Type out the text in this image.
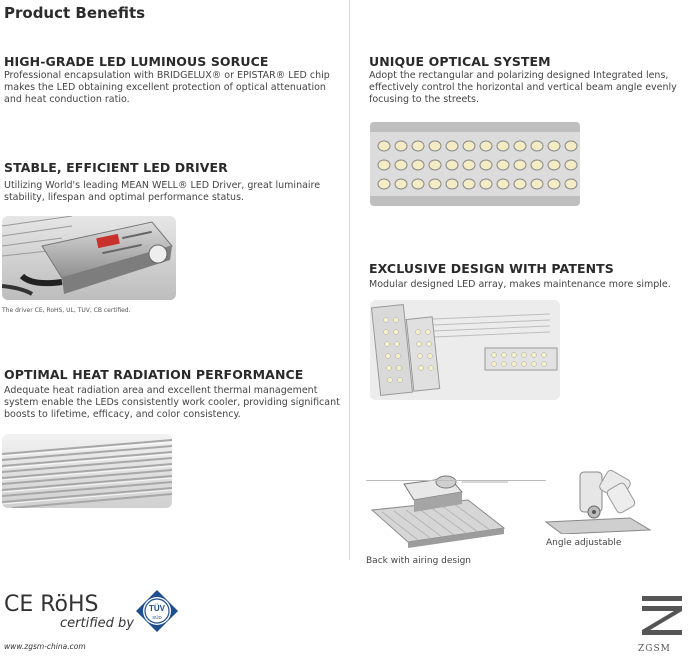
Product Benefits
HIGH-GRADE LED LUMINOUS SORUCE
Professional encapsulation with BRIDGELUX® or EPISTAR® LED chip makes the LED obtaining excellent protection of optical attenuation and heat conduction ratio.
STABLE, EFFICIENT LED DRIVER
Utilizing World's leading MEAN WELL® LED Driver, great luminaire stability, lifespan and optimal performance status.
The driver CE, RoHS, UL, TUV, CB certified.
OPTIMAL HEAT RADIATION PERFORMANCE
Adequate heat radiation area and excellent thermal management system enable the LEDs consistently work cooler, providing significant boosts to lifetime, efficacy, and color consistency.
UNIQUE OPTICAL SYSTEM
Adopt the rectangular and polarizing designed Integrated lens, effectively control the horizontal and vertical beam angle evenly focusing to the streets.
EXCLUSIVE DESIGN WITH PATENTS
Modular designed LED array, makes maintenance more simple.
Angle adjustable
Back with airing design
CE RöHS
certified by
TÜV
SÜD
www.zgsm-china.com	ZGSM
